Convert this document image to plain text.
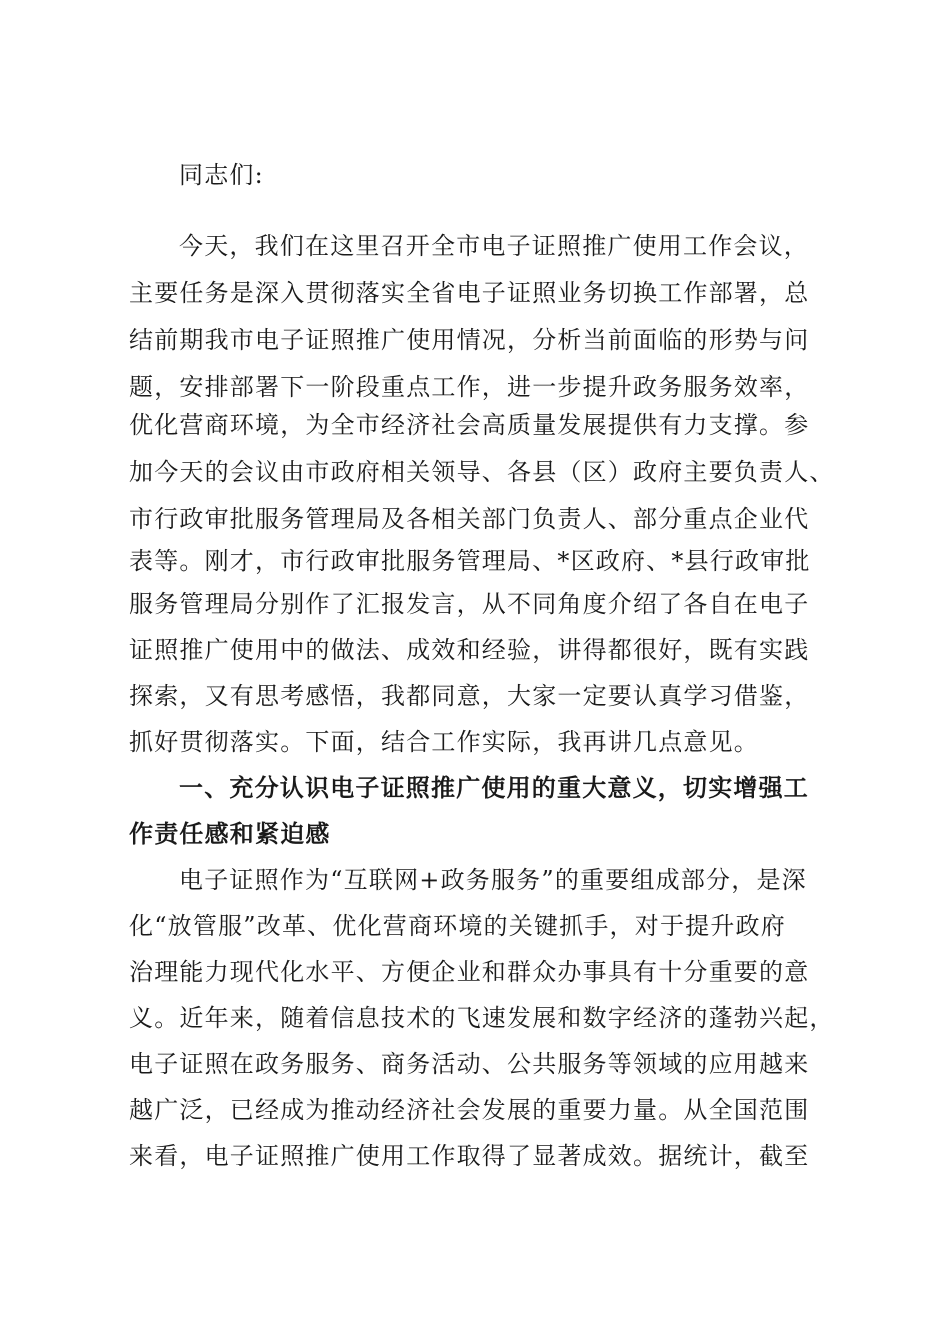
同志们:
今天，我们在这里召开全市电子证照推广使用工作会议，
主要任务是深入贯彻落实全省电子证照业务切换工作部署，总
结前期我市电子证照推广使用情况，分析当前面临的形势与问
题，安排部署下一阶段重点工作，进一步提升政务服务效率，
优化营商环境，为全市经济社会高质量发展提供有力支撑。参
加今天的会议由市政府相关领导、各县（区）政府主要负责人、
市行政审批服务管理局及各相关部门负责人、部分重点企业代
表等。刚才，市行政审批服务管理局、*区政府、*县行政审批
服务管理局分别作了汇报发言，从不同角度介绍了各自在电子
证照推广使用中的做法、成效和经验，讲得都很好，既有实践
探索，又有思考感悟，我都同意，大家一定要认真学习借鉴，
抓好贯彻落实。下面，结合工作实际，我再讲几点意见。
一、充分认识电子证照推广使用的重大意义，切实增强工
作责任感和紧迫感
电子证照作为“互联网+政务服务”的重要组成部分，是深
化“放管服”改革、优化营商环境的关键抓手，对于提升政府
治理能力现代化水平、方便企业和群众办事具有十分重要的意
义。近年来，随着信息技术的飞速发展和数字经济的蓬勃兴起，
电子证照在政务服务、商务活动、公共服务等领域的应用越来
越广泛，已经成为推动经济社会发展的重要力量。从全国范围
来看，电子证照推广使用工作取得了显著成效。据统计，截至
